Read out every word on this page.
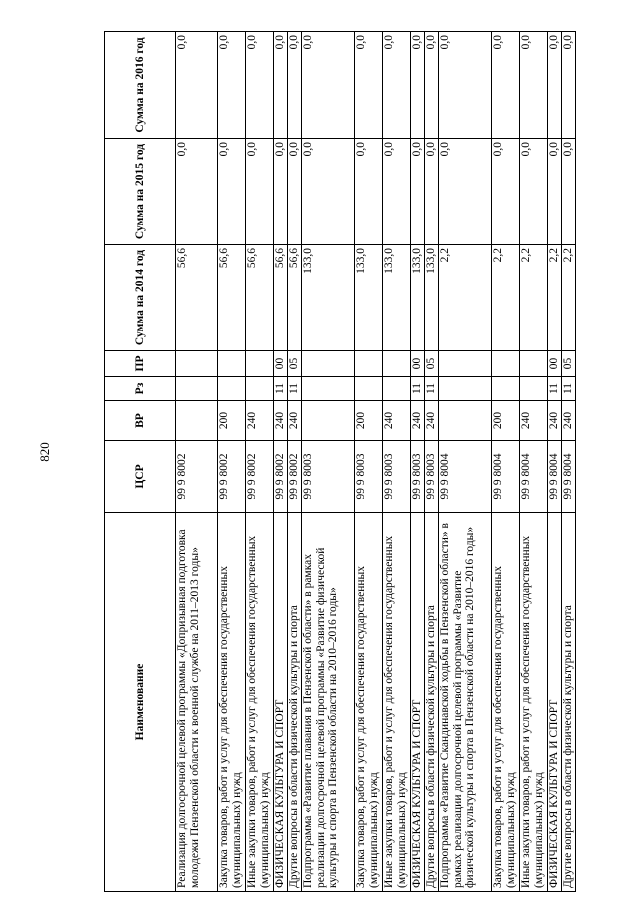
820
Наименование	ЦСР	ВР	Рз	ПР	Сумма на 2014 год	Сумма на 2015 год	Сумма на 2016 год
Реализация долгосрочной целевой программы «Допризывная подготовка молодежи Пензенской области к военной службе на 2011–2013 годы»	99 9 8002				56,6	0,0	0,0
Закупка товаров, работ и услуг для обеспечения государственных (муниципальных) нужд	99 9 8002	200			56,6	0,0	0,0
Иные закупки товаров, работ и услуг для обеспечения государственных (муниципальных) нужд	99 9 8002	240			56,6	0,0	0,0
ФИЗИЧЕСКАЯ КУЛЬТУРА И СПОРТ	99 9 8002	240	11	00	56,6	0,0	0,0
Другие вопросы в области физической культуры и спорта	99 9 8002	240	11	05	56,6	0,0	0,0
Подпрограмма «Развитие плавания в Пензенской области» в рамках реализации долгосрочной целевой программы «Развитие физической культуры и спорта в Пензенской области на 2010–2016 годы»	99 9 8003				133,0	0,0	0,0
Закупка товаров, работ и услуг для обеспечения государственных (муниципальных) нужд	99 9 8003	200			133,0	0,0	0,0
Иные закупки товаров, работ и услуг для обеспечения государственных (муниципальных) нужд	99 9 8003	240			133,0	0,0	0,0
ФИЗИЧЕСКАЯ КУЛЬТУРА И СПОРТ	99 9 8003	240	11	00	133,0	0,0	0,0
Другие вопросы в области физической культуры и спорта	99 9 8003	240	11	05	133,0	0,0	0,0
Подпрограмма «Развитие Скандинавской ходьбы в Пензенской области» в рамках реализации долгосрочной целевой программы «Развитие физической культуры и спорта в Пензенской области на 2010–2016 годы»	99 9 8004				2,2	0,0	0,0
Закупка товаров, работ и услуг для обеспечения государственных (муниципальных) нужд	99 9 8004	200			2,2	0,0	0,0
Иные закупки товаров, работ и услуг для обеспечения государственных (муниципальных) нужд	99 9 8004	240			2,2	0,0	0,0
ФИЗИЧЕСКАЯ КУЛЬТУРА И СПОРТ	99 9 8004	240	11	00	2,2	0,0	0,0
Другие вопросы в области физической культуры и спорта	99 9 8004	240	11	05	2,2	0,0	0,0
